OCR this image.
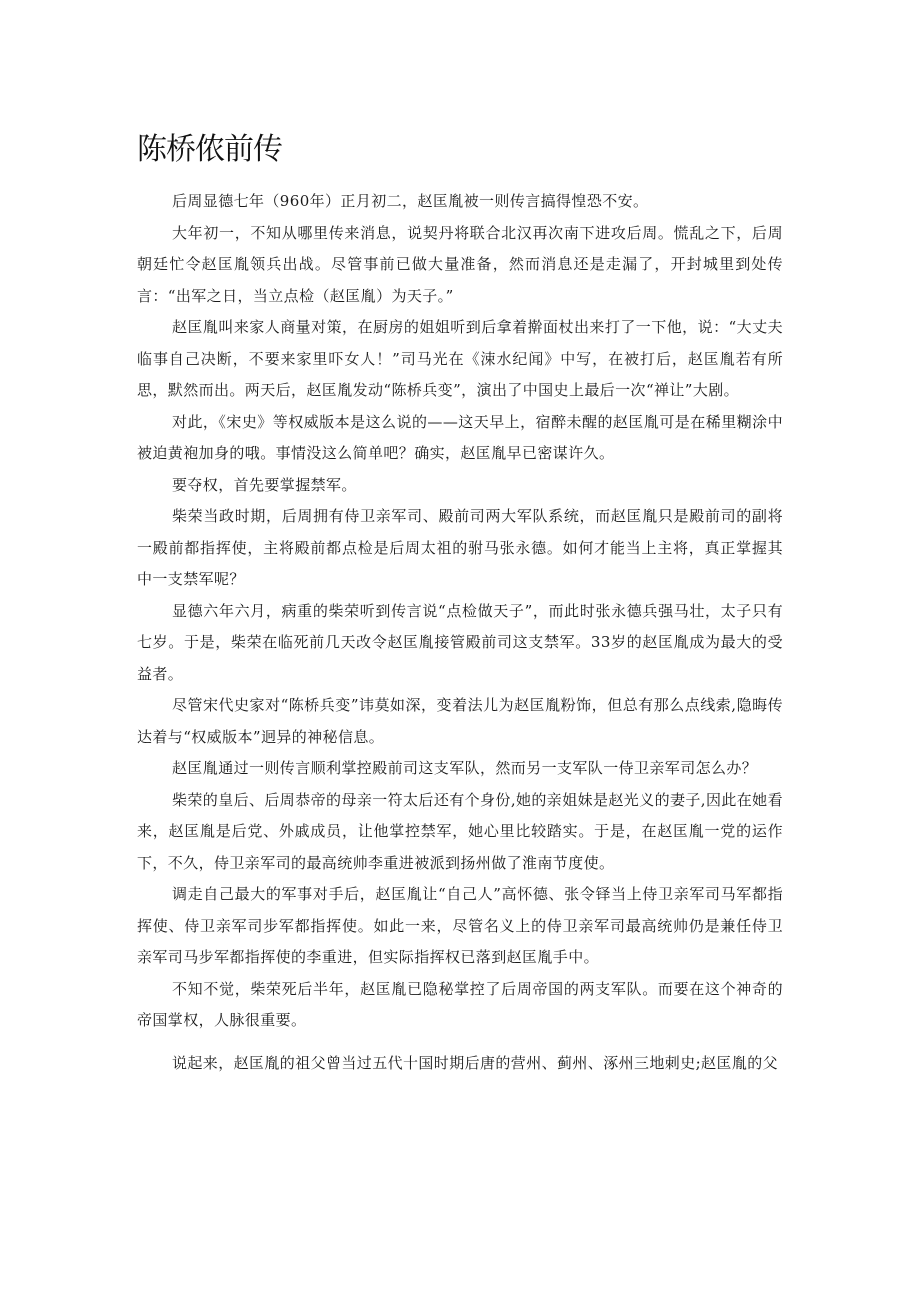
陈桥侬前传

后周显德七年（960年）正月初二，赵匡胤被一则传言搞得惶恐不安。

大年初一，不知从哪里传来消息，说契丹将联合北汉再次南下进攻后周。慌乱之下，后周朝廷忙令赵匡胤领兵出战。尽管事前已做大量准备，然而消息还是走漏了，开封城里到处传言：“出军之日，当立点检（赵匡胤）为天子。”

赵匡胤叫来家人商量对策，在厨房的姐姐听到后拿着擀面杖出来打了一下他，说：“大丈夫临事自己决断，不要来家里吓女人！”司马光在《涑水纪闻》中写，在被打后，赵匡胤若有所思，默然而出。两天后，赵匡胤发动“陈桥兵变”，演出了中国史上最后一次“禅让”大剧。

对此，《宋史》等权威版本是这么说的——这天早上，宿醉未醒的赵匡胤可是在稀里糊涂中被迫黄袍加身的哦。事情没这么简单吧？确实，赵匡胤早已密谋许久。

要夺权，首先要掌握禁军。

柴荣当政时期，后周拥有侍卫亲军司、殿前司两大军队系统，而赵匡胤只是殿前司的副将一殿前都指挥使，主将殿前都点检是后周太祖的驸马张永德。如何才能当上主将，真正掌握其中一支禁军呢？

显德六年六月，病重的柴荣听到传言说“点检做天子”，而此时张永德兵强马壮，太子只有七岁。于是，柴荣在临死前几天改令赵匡胤接管殿前司这支禁军。33岁的赵匡胤成为最大的受益者。

尽管宋代史家对“陈桥兵变”讳莫如深，变着法儿为赵匡胤粉饰，但总有那么点线索,隐晦传达着与“权威版本”迥异的神秘信息。

赵匡胤通过一则传言顺利掌控殿前司这支军队，然而另一支军队一侍卫亲军司怎么办？

柴荣的皇后、后周恭帝的母亲一符太后还有个身份,她的亲姐妹是赵光义的妻子,因此在她看来，赵匡胤是后党、外戚成员，让他掌控禁军，她心里比较踏实。于是，在赵匡胤一党的运作下，不久，侍卫亲军司的最高统帅李重进被派到扬州做了淮南节度使。

调走自己最大的军事对手后，赵匡胤让“自己人”高怀德、张令铎当上侍卫亲军司马军都指挥使、侍卫亲军司步军都指挥使。如此一来，尽管名义上的侍卫亲军司最高统帅仍是兼任侍卫亲军司马步军都指挥使的李重进，但实际指挥权已落到赵匡胤手中。

不知不觉，柴荣死后半年，赵匡胤已隐秘掌控了后周帝国的两支军队。而要在这个神奇的帝国掌权，人脉很重要。

说起来，赵匡胤的祖父曾当过五代十国时期后唐的营州、蓟州、涿州三地刺史;赵匡胤的父
